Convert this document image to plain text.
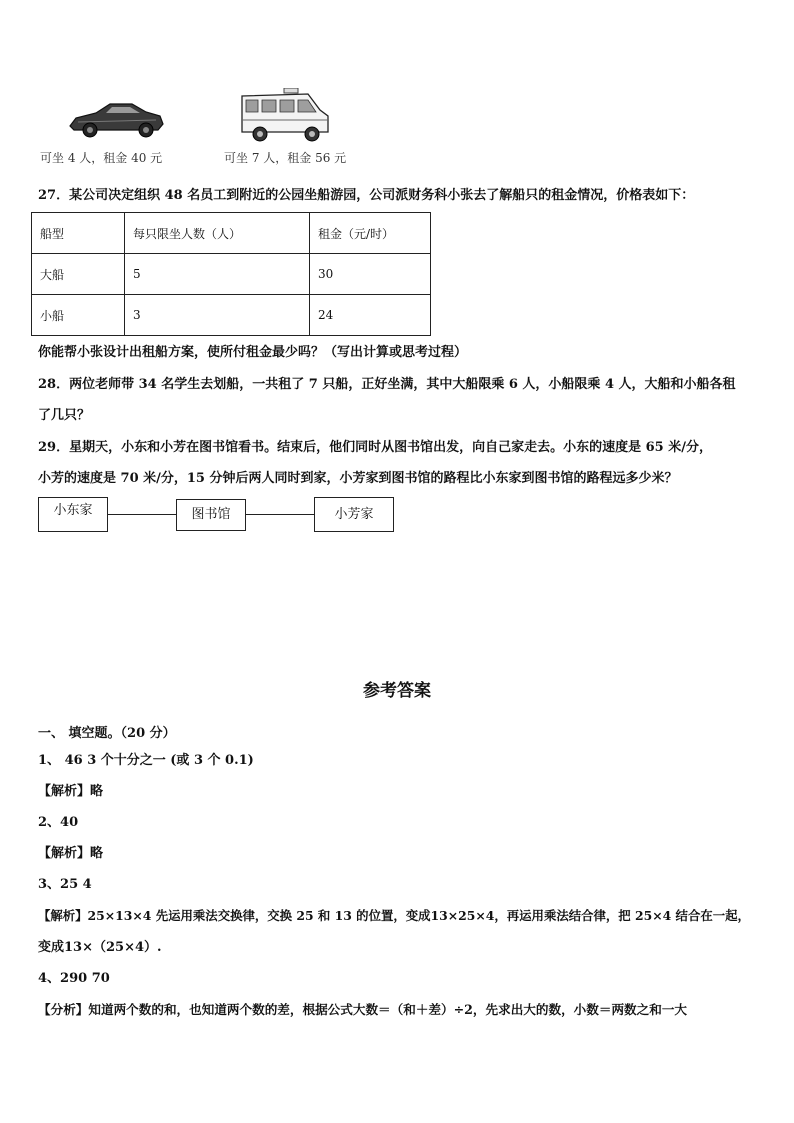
可坐 4 人，租金 40 元	可坐 7 人，租金 56 元
27．某公司决定组织 48 名员工到附近的公园坐船游园，公司派财务科小张去了解船只的租金情况，价格表如下：
船型	每只限坐人数（人）	租金（元/时）
大船	5	30
小船	3	24
你能帮小张设计出租船方案，使所付租金最少吗？（写出计算或思考过程）
28．两位老师带 34 名学生去划船，一共租了 7 只船，正好坐满，其中大船限乘 6 人，小船限乘 4 人，大船和小船各租
了几只？
29．星期天，小东和小芳在图书馆看书。结束后，他们同时从图书馆出发，向自己家走去。小东的速度是 65 米/分，
小芳的速度是 70 米/分，15 分钟后两人同时到家，小芳家到图书馆的路程比小东家到图书馆的路程远多少米？
小东家	图书馆	小芳家
参考答案
一、 填空题。（20 分）
1、 46 3 个十分之一 (或 3 个 0.1)
【解析】略
2、40
【解析】略
3、25 4
【解析】25×13×4 先运用乘法交换律，交换 25 和 13 的位置，变成13×25×4，再运用乘法结合律，把 25×4 结合在一起，
变成13×（25×4）.
4、290 70
【分析】知道两个数的和，也知道两个数的差，根据公式大数＝（和＋差）÷2，先求出大的数，小数＝两数之和一大
